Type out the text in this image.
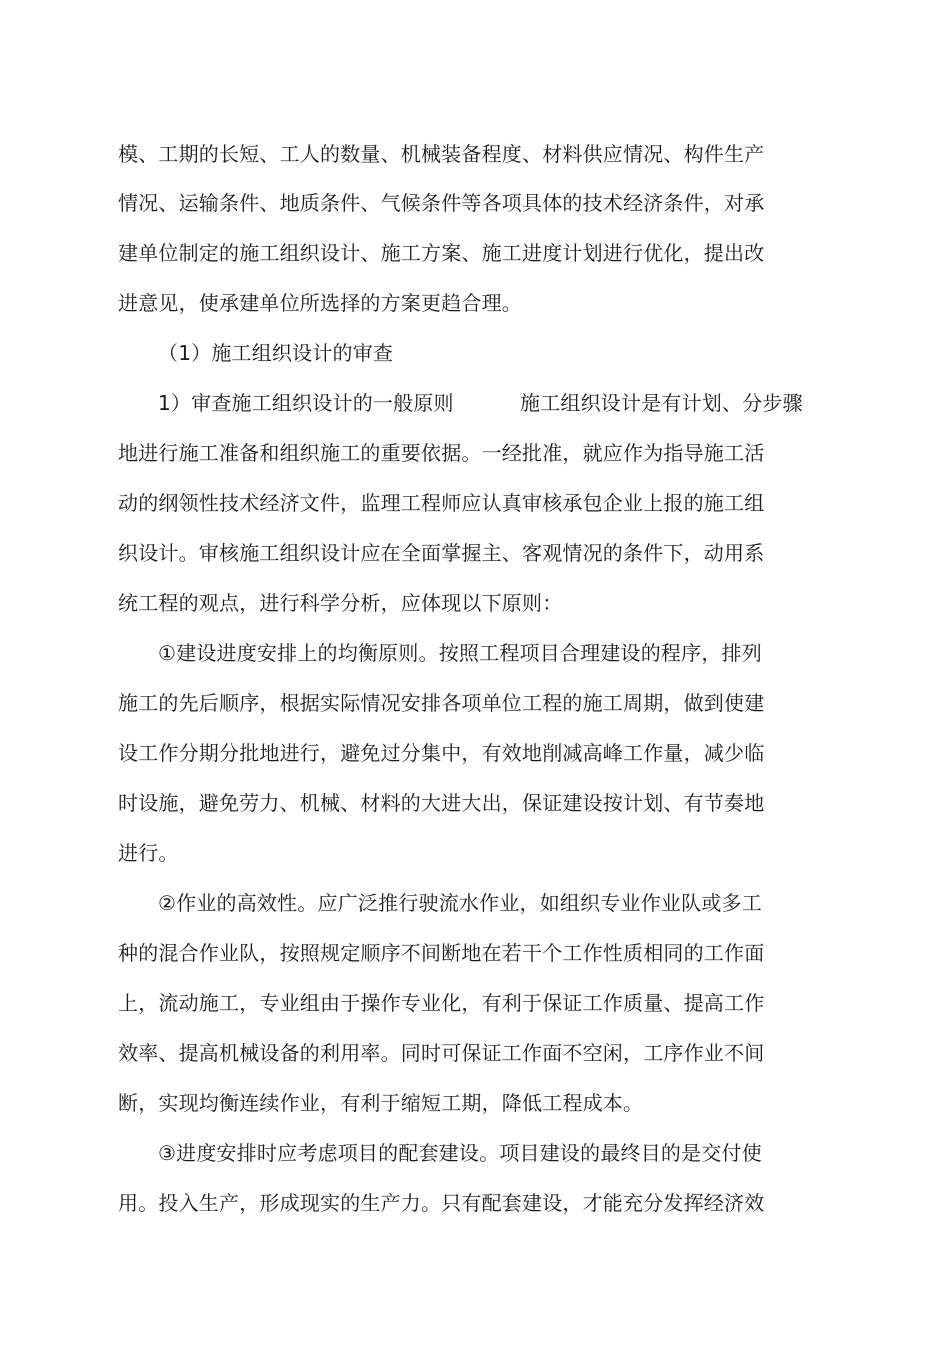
模、工期的长短、工人的数量、机械装备程度、材料供应情况、构件生产
情况、运输条件、地质条件、气候条件等各项具体的技术经济条件，对承
建单位制定的施工组织设计、施工方案、施工进度计划进行优化，提出改
进意见，使承建单位所选择的方案更趋合理。
（1）施工组织设计的审查
1）审查施工组织设计的一般原则	施工组织设计是有计划、分步骤
地进行施工准备和组织施工的重要依据。一经批准，就应作为指导施工活
动的纲领性技术经济文件，监理工程师应认真审核承包企业上报的施工组
织设计。审核施工组织设计应在全面掌握主、客观情况的条件下，动用系
统工程的观点，进行科学分析，应体现以下原则：
①建设进度安排上的均衡原则。按照工程项目合理建设的程序，排列
施工的先后顺序，根据实际情况安排各项单位工程的施工周期，做到使建
设工作分期分批地进行，避免过分集中，有效地削减高峰工作量，减少临
时设施，避免劳力、机械、材料的大进大出，保证建设按计划、有节奏地
进行。
②作业的高效性。应广泛推行驶流水作业，如组织专业作业队或多工
种的混合作业队，按照规定顺序不间断地在若干个工作性质相同的工作面
上，流动施工，专业组由于操作专业化，有利于保证工作质量、提高工作
效率、提高机械设备的利用率。同时可保证工作面不空闲，工序作业不间
断，实现均衡连续作业，有利于缩短工期，降低工程成本。
③进度安排时应考虑项目的配套建设。项目建设的最终目的是交付使
用。投入生产，形成现实的生产力。只有配套建设，才能充分发挥经济效
